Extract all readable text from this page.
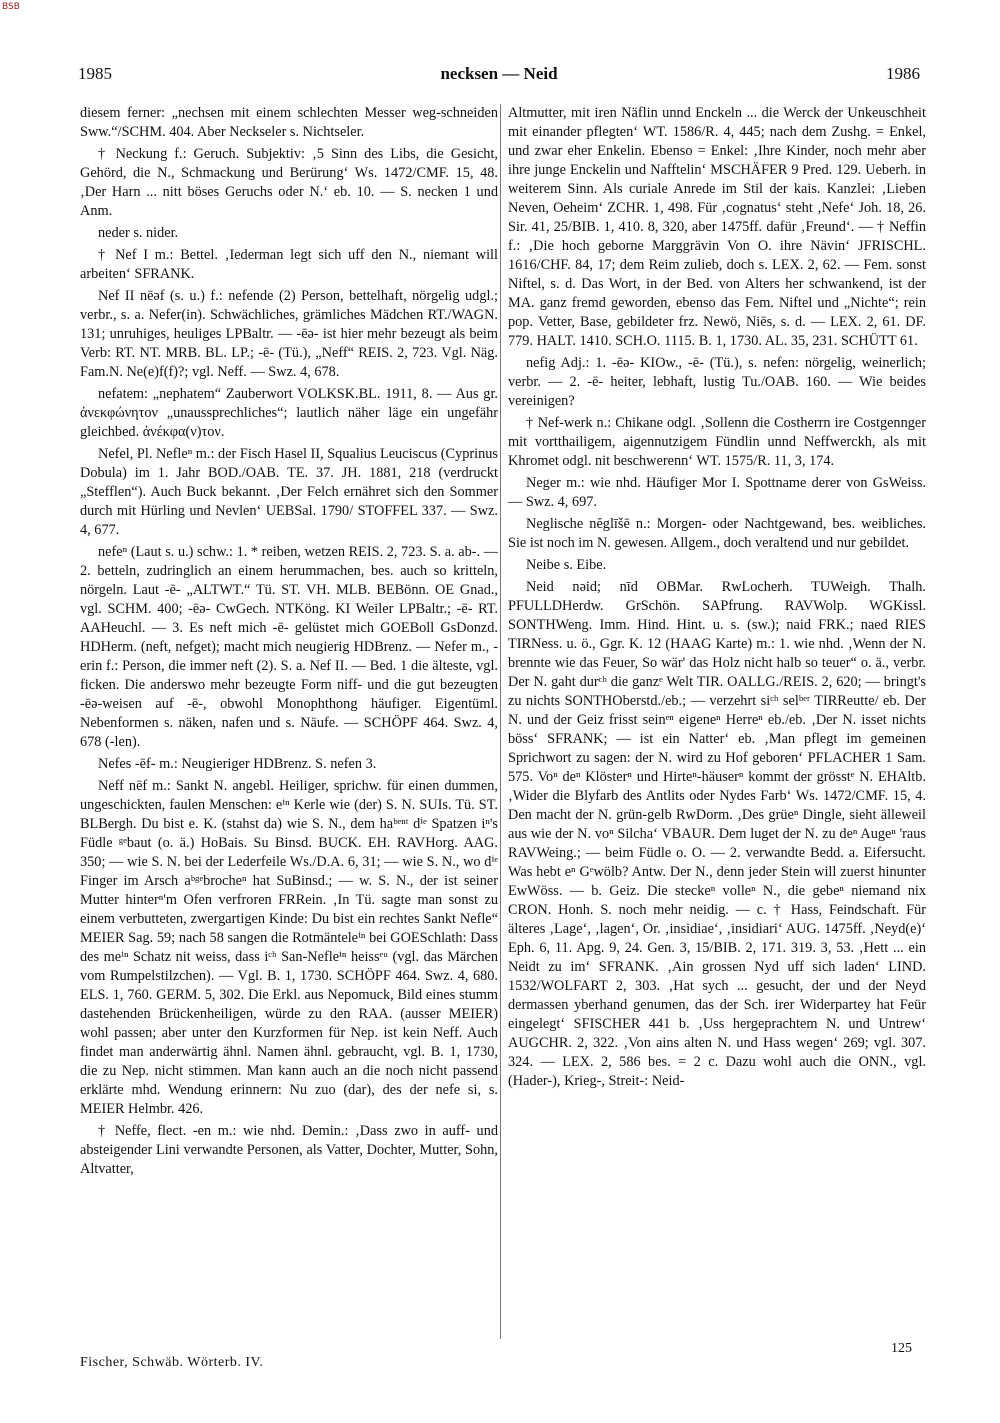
BSB
1985	necksen — Neid	1986

diesem ferner: „nechsen mit einem schlechten Messer weg-schneiden Sww.“/SCHM. 404. Aber Neckseler s. Nichtseler.

† Neckung f.: Geruch. Subjektiv: ‚5 Sinn des Libs, die Gesicht, Gehörd, die N., Schmackung und Berürung‘ Ws. 1472/CMF. 15, 48. ‚Der Harn ... nitt böses Geruchs oder N.‘ eb. 10. — S. necken 1 und Anm.

neder s. nider.

† Nef I m.: Bettel. ‚Iederman legt sich uff den N., niemant will arbeiten‘ SFRANK.

Nef II nēəf (s. u.) f.: nefende (2) Person, bettelhaft, nörgelig udgl.; verbr., s. a. Nefer(in). Schwächliches, grämliches Mädchen RT./WAGN. 131; unruhiges, heuliges LPBaltr. — -ēə- ist hier mehr bezeugt als beim Verb: RT. NT. MRB. BL. LP.; -ē- (Tü.), „Neff“ REIS. 2, 723. Vgl. Näg. Fam.N. Ne(e)f(f)?; vgl. Neff. — Swz. 4, 678.

nefatem: „nephatem“ Zauberwort VOLKSK.BL. 1911, 8. — Aus gr. ἀνεκφώνητον „unaussprechliches“; lautlich näher läge ein ungefähr gleichbed. ἀνέκφα(ν)τον.

Nefel, Pl. Nefleⁿ m.: der Fisch Hasel II, Squalius Leuciscus (Cyprinus Dobula) im 1. Jahr BOD./OAB. TE. 37. JH. 1881, 218 (verdruckt „Stefflen“). Auch Buck bekannt. ‚Der Felch ernähret sich den Sommer durch mit Hürling und Nevlen‘ UEBSal. 1790/ STOFFEL 337. — Swz. 4, 677.

nefeⁿ (Laut s. u.) schw.: 1. * reiben, wetzen REIS. 2, 723. S. a. ab-. — 2. betteln, zudringlich an einem herummachen, bes. auch so kritteln, nörgeln. Laut -ē- „ALTWT.“ Tü. ST. VH. MLB. BEBönn. OE Gnad., vgl. SCHM. 400; -ēə- CwGech. NTKöng. KI Weiler LPBaltr.; -ē- RT. AAHeuchl. — 3. Es neft mich -ē- gelüstet mich GOEBoll GsDonzd. HDHerm. (neft, nefget); macht mich neugierig HDBrenz. — Nefer m., -erin f.: Person, die immer neft (2). S. a. Nef II. — Bed. 1 die älteste, vgl. ficken. Die anderswo mehr bezeugte Form niff- und die gut bezeugten -ēə-weisen auf -ē-, obwohl Monophthong häufiger. Eigentüml. Nebenformen s. näken, nafen und s. Näufe. — SCHÖPF 464. Swz. 4, 678 (-len).

Nefes -ēf- m.: Neugieriger HDBrenz. S. nefen 3.

Neff nēf m.: Sankt N. angebl. Heiliger, sprichw. für einen dummen, ungeschickten, faulen Menschen: eⁱⁿ Kerle wie (der) S. N. SUIs. Tü. ST. BLBergh. Du bist e. K. (stahst da) wie S. N., dem haᵇᵉⁿᵗ dⁱᵉ Spatzen iⁿ's Füdle ᵍᵉbaut (o. ä.) HoBais. Su Binsd. BUCK. EH. RAVHorg. AAG. 350; — wie S. N. bei der Lederfeile Ws./D.A. 6, 31; — wie S. N., wo dⁱᵉ Finger im Arsch aᵇᵍᵉbrocheⁿ hat SuBinsd.; — w. S. N., der ist seiner Mutter hinterⁿ'm Ofen verfroren FRRein. ‚In Tü. sagte man sonst zu einem verbutteten, zwergartigen Kinde: Du bist ein rechtes Sankt Nefle“ MEIER Sag. 59; nach 58 sangen die Rotmänteleⁱⁿ bei GOESchlath: Dass des meⁱⁿ Schatz nit weiss, dass iᶜʰ San-Nefleⁱⁿ heissᵉᵘ (vgl. das Märchen vom Rumpelstilzchen). — Vgl. B. 1, 1730. SCHÖPF 464. Swz. 4, 680. ELS. 1, 760. GERM. 5, 302. Die Erkl. aus Nepomuck, Bild eines stumm dastehenden Brückenheiligen, würde zu den RAA. (ausser MEIER) wohl passen; aber unter den Kurzformen für Nep. ist kein Neff. Auch findet man anderwärtig ähnl. Namen ähnl. gebraucht, vgl. B. 1, 1730, die zu Nep. nicht stimmen. Man kann auch an die noch nicht passend erklärte mhd. Wendung erinnern: Nu zuo (dar), des der nefe si, s. MEIER Helmbr. 426.

† Neffe, flect. -en m.: wie nhd. Demin.: ‚Dass zwo in auff- und absteigender Lini verwandte Personen, als Vatter, Dochter, Mutter, Sohn, Altvatter,

Altmutter, mit iren Näflin unnd Enckeln ... die Werck der Unkeuschheit mit einander pflegten‘ WT. 1586/R. 4, 445; nach dem Zushg. = Enkel, und zwar eher Enkelin. Ebenso = Enkel: ‚Ihre Kinder, noch mehr aber ihre junge Enckelin und Nafftelin‘ MSCHÄFER 9 Pred. 129. Ueberh. in weiterem Sinn. Als curiale Anrede im Stil der kais. Kanzlei: ‚Lieben Neven, Oeheim‘ ZCHR. 1, 498. Für ‚cognatus‘ steht ‚Nefe‘ Joh. 18, 26. Sir. 41, 25/BIB. 1, 410. 8, 320, aber 1475ff. dafür ‚Freund‘. — † Neffin f.: ‚Die hoch geborne Marggrävin Von O. ihre Nävin‘ JFRISCHL. 1616/CHF. 84, 17; dem Reim zulieb, doch s. LEX. 2, 62. — Fem. sonst Niftel, s. d. Das Wort, in der Bed. von Alters her schwankend, ist der MA. ganz fremd geworden, ebenso das Fem. Niftel und „Nichte“; rein pop. Vetter, Base, gebildeter frz. Newö, Niēs, s. d. — LEX. 2, 61. DF. 779. HALT. 1410. SCH.O. 1115. B. 1, 1730. AL. 35, 231. SCHÜTT 61.

nefig Adj.: 1. -ēə- KIOw., -ē- (Tü.), s. nefen: nörgelig, weinerlich; verbr. — 2. -ē- heiter, lebhaft, lustig Tu./OAB. 160. — Wie beides vereinigen?

† Nef-werk n.: Chikane odgl. ‚Sollenn die Costherrn ire Costgennger mit vortthailigem, aigennutzigem Fündlin unnd Neffwerckh, als mit Khromet odgl. nit beschwerenn‘ WT. 1575/R. 11, 3, 174.

Neger m.: wie nhd. Häufiger Mor I. Spottname derer von GsWeiss. — Swz. 4, 697.

Neglische nĕglīšē n.: Morgen- oder Nachtgewand, bes. weibliches. Sie ist noch im N. gewesen. Allgem., doch veraltend und nur gebildet.

Neibe s. Eibe.

Neid nəid; nīd OBMar. RwLocherh. TUWeigh. Thalh. PFULLDHerdw. GrSchön. SAPfrung. RAVWolp. WGKissl. SONTHWeng. Imm. Hind. Hint. u. s. (sw.); naid FRK.; naed RIES TIRNess. u. ö., Ggr. K. 12 (HAAG Karte) m.: 1. wie nhd. ‚Wenn der N. brennte wie das Feuer, So wär' das Holz nicht halb so teuer“ o. ä., verbr. Der N. gaht durᶜʰ die ganzᵉ Welt TIR. OALLG./REIS. 2, 620; — bringt's zu nichts SONTHOberstd./eb.; — verzehrt siᶜʰ selᵇᵉʳ TIRReutte/ eb. Der N. und der Geiz frisst seinᵉⁿ eigeneⁿ Herreⁿ eb./eb. ‚Der N. isset nichts böss‘ SFRANK; — ist ein Natter‘ eb. ‚Man pflegt im gemeinen Sprichwort zu sagen: der N. wird zu Hof geboren‘ PFLACHER 1 Sam. 575. Voⁿ deⁿ Klösterⁿ und Hirteⁿ-häuserⁿ kommt der grösstᵉ N. EHAltb. ‚Wider die Blyfarb des Antlits oder Nydes Farb‘ Ws. 1472/CMF. 15, 4. Den macht der N. grün-gelb RwDorm. ‚Des grüeⁿ Dingle, sieht älleweil aus wie der N. voⁿ Silcha‘ VBAUR. Dem luget der N. zu deⁿ Augeⁿ 'raus RAVWeing.; — beim Füdle o. O. — 2. verwandte Bedd. a. Eifersucht. Was hebt eⁿ Gᵉwölb? Antw. Der N., denn jeder Stein will zuerst hinunter EwWöss. — b. Geiz. Die steckeⁿ volleⁿ N., die gebeⁿ niemand nix CRON. Honh. S. noch mehr neidig. — c. † Hass, Feindschaft. Für älteres ‚Lage‘, ‚lagen‘, Or. ‚insidiae‘, ‚insidiari‘ AUG. 1475ff. ‚Neyd(e)‘ Eph. 6, 11. Apg. 9, 24. Gen. 3, 15/BIB. 2, 171. 319. 3, 53. ‚Hett ... ein Neidt zu im‘ SFRANK. ‚Ain grossen Nyd uff sich laden‘ LIND. 1532/WOLFART 2, 303. ‚Hat sych ... gesucht, der und der Neyd dermassen yberhand genumen, das der Sch. irer Widerpartey hat Feür eingelegt‘ SFISCHER 441 b. ‚Uss hergeprachtem N. und Untrew‘ AUGCHR. 2, 322. ‚Von ains alten N. und Hass wegen‘ 269; vgl. 307. 324. — LEX. 2, 586 bes. = 2 c. Dazu wohl auch die ONN., vgl. (Hader-), Krieg-, Streit-: Neid-

Fischer, Schwäb. Wörterb. IV.
125
